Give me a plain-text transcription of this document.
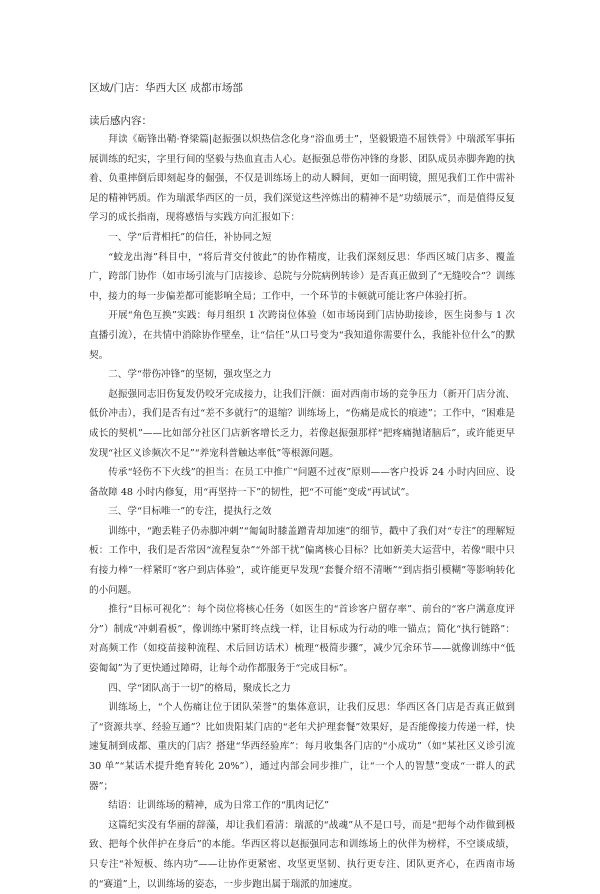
区域/门店：华西大区 成都市场部
读后感内容：

拜读《砺锋出鞘·脊梁篇|赵振强以炽热信念化身“浴血勇士”，坚毅锻造不屈铁骨》中瑞派军事拓展训练的纪实，字里行间的坚毅与热血直击人心。赵振强总带伤冲锋的身影、团队成员赤脚奔跑的执着、负重摔倒后即刻起身的倔强，不仅是训练场上的动人瞬间，更如一面明镜，照见我们工作中需补足的精神钙质。作为瑞派华西区的一员，我们深觉这些淬炼出的精神不是“功绩展示”，而是值得反复学习的成长指南，现将感悟与实践方向汇报如下：

一、学“后背相托”的信任，补协同之短

“蛟龙出海”科目中，“将后背交付彼此”的协作精度，让我们深刻反思：华西区城门店多、覆盖广，跨部门协作（如市场引流与门店接诊、总院与分院病例转诊）是否真正做到了“无缝咬合”？训练中，接力的每一步偏差都可能影响全局；工作中，一个环节的卡顿就可能让客户体验打折。

开展“角色互换”实践：每月组织 1 次跨岗位体验（如市场岗到门店协助接诊，医生岗参与 1 次直播引流），在共情中消除协作壁垒，让“信任”从口号变为“我知道你需要什么，我能补位什么”的默契。

二、学“带伤冲锋”的坚韧，强攻坚之力

赵振强同志旧伤复发仍咬牙完成接力，让我们汗颜：面对西南市场的竞争压力（新开门店分流、低价冲击），我们是否有过“差不多就行”的退缩？训练场上，“伤痛是成长的痕迹”；工作中，“困难是成长的契机”——比如部分社区门店新客增长乏力，若像赵振强那样“把疼痛抛诸脑后”，或许能更早发现“社区义诊频次不足”“养宠科普触达率低”等根源问题。

传承“轻伤不下火线”的担当：在员工中推广“问题不过夜”原则——客户投诉 24 小时内回应、设备故障 48 小时内修复，用“再坚持一下”的韧性，把“不可能”变成“再试试”。

三、学“目标唯一”的专注，提执行之效

训练中，“跑丢鞋子仍赤脚冲刺”“匍匐时膝盖蹭青却加速”的细节，戳中了我们对“专注”的理解短板：工作中，我们是否常因“流程复杂”“外部干扰”偏离核心目标？比如新美大运营中，若像“眼中只有接力棒”一样紧盯“客户到店体验”，或许能更早发现“套餐介绍不清晰”“到店指引模糊”等影响转化的小问题。

推行“目标可视化”：每个岗位将核心任务（如医生的“首诊客户留存率”、前台的“客户满意度评分”）制成“冲刺看板”，像训练中紧盯终点线一样，让目标成为行动的唯一锚点；简化“执行链路”：对高频工作（如疫苗接种流程、术后回访话术）梳理“极简步骤”，减少冗余环节——就像训练中“低姿匍匐”为了更快通过障碍，让每个动作都服务于“完成目标”。

四、学“团队高于一切”的格局，聚成长之力

训练场上，“个人伤痛让位于团队荣誉”的集体意识，让我们反思：华西区各门店是否真正做到了“资源共享、经验互通”？比如贵阳某门店的“老年犬护理套餐”效果好，是否能像接力传递一样，快速复制到成都、重庆的门店？搭建“华西经验库”：每月收集各门店的“小成功”（如“某社区义诊引流 30 单”“某话术提升绝育转化 20%”），通过内部会同步推广，让“一个人的智慧”变成“一群人的武器”；

结语：让训练场的精神，成为日常工作的“肌肉记忆”

这篇纪实没有华丽的辞藻，却让我们看清：瑞派的“战魂”从不是口号，而是“把每个动作做到极致、把每个伙伴护在身后”的本能。华西区将以赵振强同志和训练场上的伙伴为榜样，不空谈成绩，只专注“补短板、练内功”——让协作更紧密、攻坚更坚韧、执行更专注、团队更齐心，在西南市场的“赛道”上，以训练场的姿态，一步步跑出属于瑞派的加速度。
